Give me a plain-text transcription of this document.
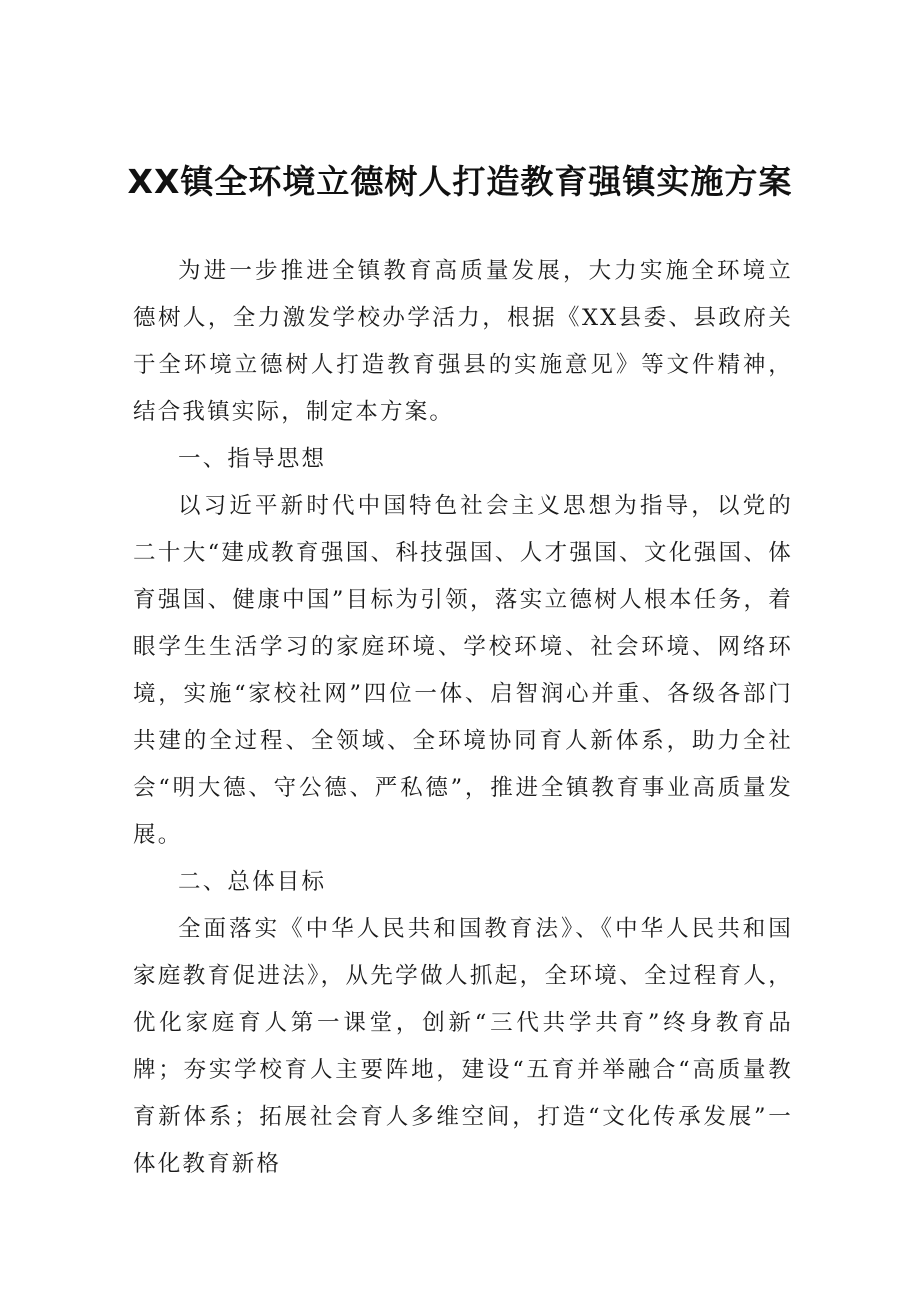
XX镇全环境立德树人打造教育强镇实施方案

为进一步推进全镇教育高质量发展，大力实施全环境立德树人，全力激发学校办学活力，根据《XX县委、县政府关于全环境立德树人打造教育强县的实施意见》等文件精神，结合我镇实际，制定本方案。

一、指导思想

以习近平新时代中国特色社会主义思想为指导，以党的二十大“建成教育强国、科技强国、人才强国、文化强国、体育强国、健康中国”目标为引领，落实立德树人根本任务，着眼学生生活学习的家庭环境、学校环境、社会环境、网络环境，实施“家校社网”四位一体、启智润心并重、各级各部门共建的全过程、全领域、全环境协同育人新体系，助力全社会“明大德、守公德、严私德”，推进全镇教育事业高质量发展。

二、总体目标

全面落实《中华人民共和国教育法》、《中华人民共和国家庭教育促进法》，从先学做人抓起，全环境、全过程育人，优化家庭育人第一课堂，创新“三代共学共育”终身教育品牌；夯实学校育人主要阵地，建设“五育并举融合“高质量教育新体系；拓展社会育人多维空间，打造“文化传承发展”一体化教育新格
